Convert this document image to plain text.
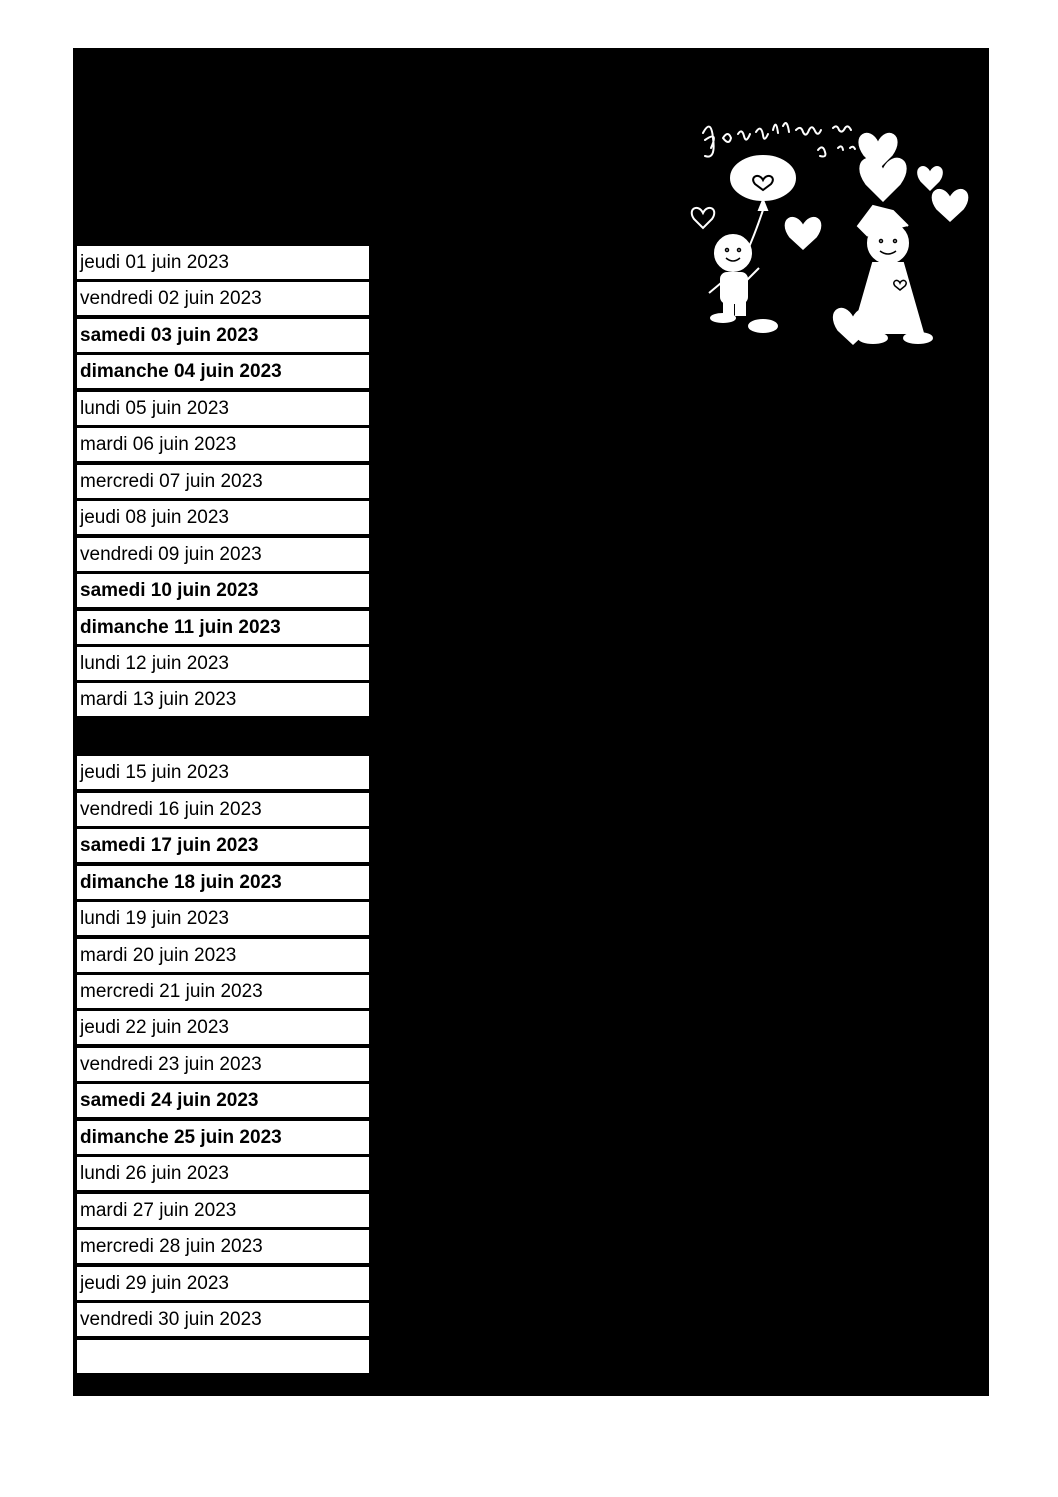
jeudi 01 juin 2023
vendredi 02 juin 2023
samedi 03 juin 2023
dimanche 04 juin 2023
lundi 05 juin 2023
mardi 06 juin 2023
mercredi 07 juin 2023
jeudi 08 juin 2023
vendredi 09 juin 2023
samedi 10 juin 2023
dimanche 11 juin 2023
lundi 12 juin 2023
mardi 13 juin 2023
jeudi 15 juin 2023
vendredi 16 juin 2023
samedi 17 juin 2023
dimanche 18 juin 2023
lundi 19 juin 2023
mardi 20 juin 2023
mercredi 21 juin 2023
jeudi 22 juin 2023
vendredi 23 juin 2023
samedi 24 juin 2023
dimanche 25 juin 2023
lundi 26 juin 2023
mardi 27 juin 2023
mercredi 28 juin 2023
jeudi 29 juin 2023
vendredi 30 juin 2023
